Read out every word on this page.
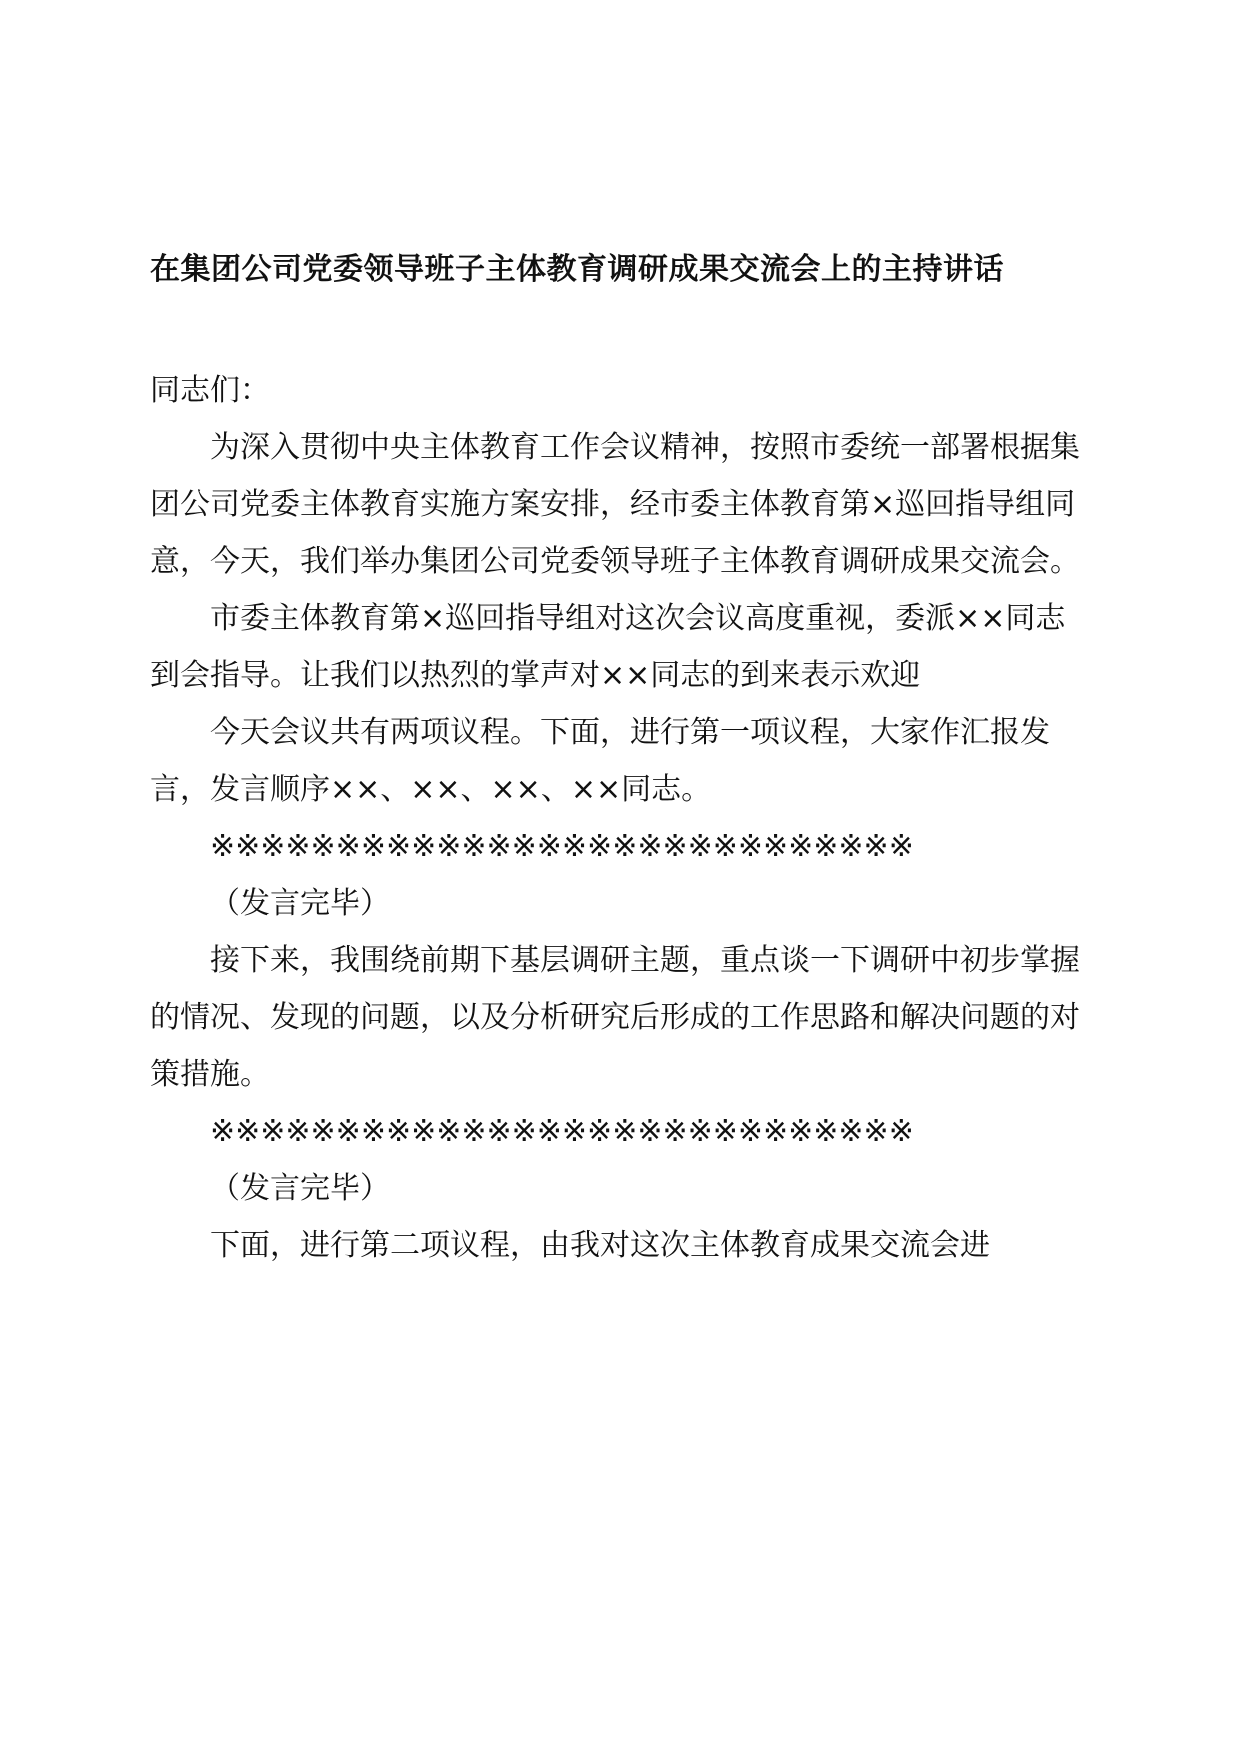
在集团公司党委领导班子主体教育调研成果交流会上的主持讲话

同志们：

为深入贯彻中央主体教育工作会议精神，按照市委统一部署根据集团公司党委主体教育实施方案安排，经市委主体教育第×巡回指导组同意，今天，我们举办集团公司党委领导班子主体教育调研成果交流会。

市委主体教育第×巡回指导组对这次会议高度重视，委派××同志到会指导。让我们以热烈的掌声对××同志的到来表示欢迎

今天会议共有两项议程。下面，进行第一项议程，大家作汇报发言，发言顺序××、××、××、××同志。

※※※※※※※※※※※※※※※※※※※※※※※※※※※※

（发言完毕）

接下来，我围绕前期下基层调研主题，重点谈一下调研中初步掌握的情况、发现的问题，以及分析研究后形成的工作思路和解决问题的对策措施。

※※※※※※※※※※※※※※※※※※※※※※※※※※※※

（发言完毕）

下面，进行第二项议程，由我对这次主体教育成果交流会进
